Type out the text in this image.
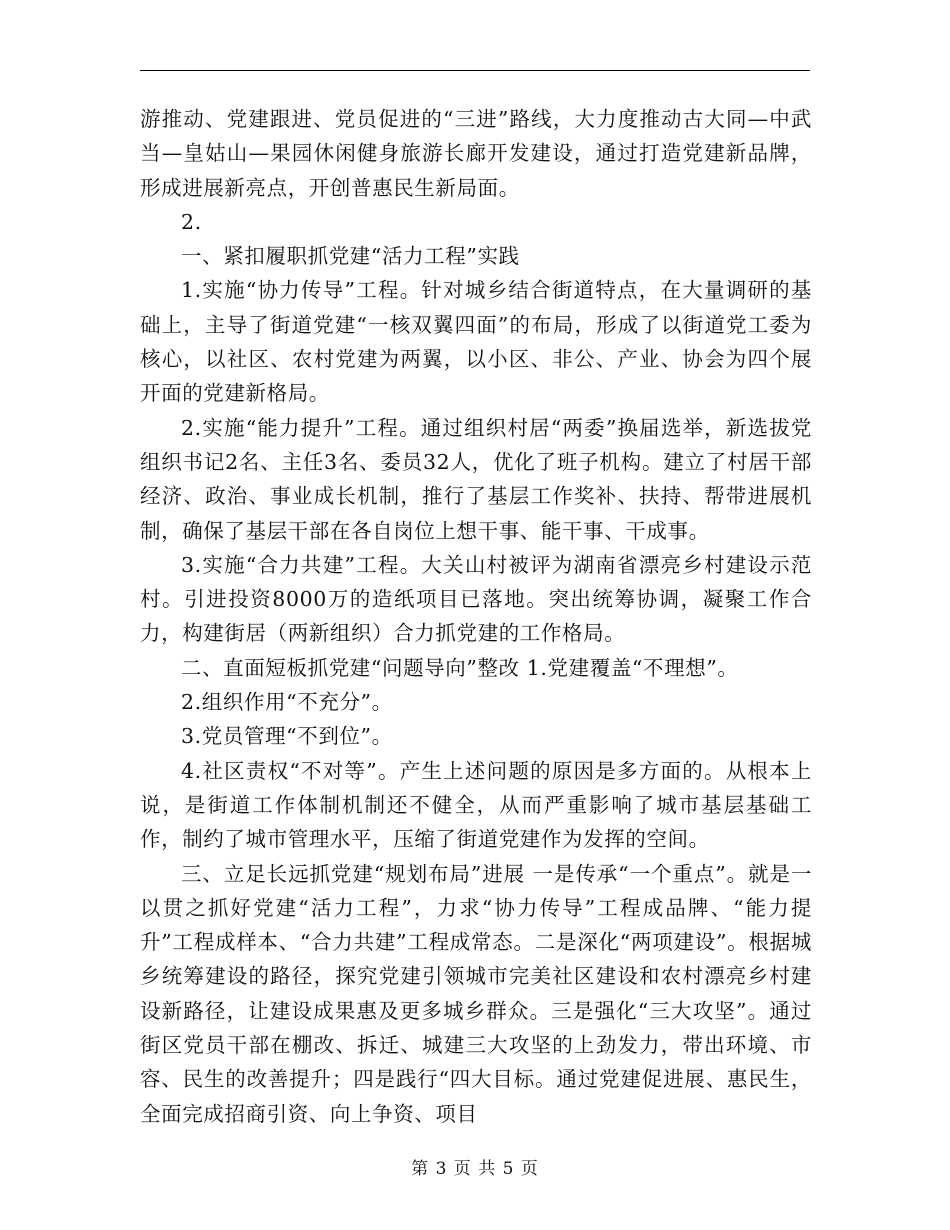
游推动、党建跟进、党员促进的“三进”路线，大力度推动古大同—中武当—皇姑山—果园休闲健身旅游长廊开发建设，通过打造党建新品牌，形成进展新亮点，开创普惠民生新局面。

2.

一、紧扣履职抓党建“活力工程”实践

1.实施“协力传导”工程。针对城乡结合街道特点，在大量调研的基础上，主导了街道党建“一核双翼四面”的布局，形成了以街道党工委为核心，以社区、农村党建为两翼，以小区、非公、产业、协会为四个展开面的党建新格局。

2.实施“能力提升”工程。通过组织村居“两委”换届选举，新选拔党组织书记2名、主任3名、委员32人，优化了班子机构。建立了村居干部经济、政治、事业成长机制，推行了基层工作奖补、扶持、帮带进展机制，确保了基层干部在各自岗位上想干事、能干事、干成事。

3.实施“合力共建”工程。大关山村被评为湖南省漂亮乡村建设示范村。引进投资8000万的造纸项目已落地。突出统筹协调，凝聚工作合力，构建街居（两新组织）合力抓党建的工作格局。

二、直面短板抓党建“问题导向”整改 1.党建覆盖“不理想”。

2.组织作用“不充分”。

3.党员管理“不到位”。

4.社区责权“不对等”。产生上述问题的原因是多方面的。从根本上说，是街道工作体制机制还不健全，从而严重影响了城市基层基础工作，制约了城市管理水平，压缩了街道党建作为发挥的空间。

三、立足长远抓党建“规划布局”进展 一是传承“一个重点”。就是一以贯之抓好党建“活力工程”，力求“协力传导”工程成品牌、“能力提升”工程成样本、“合力共建”工程成常态。二是深化“两项建设”。根据城乡统筹建设的路径，探究党建引领城市完美社区建设和农村漂亮乡村建设新路径，让建设成果惠及更多城乡群众。三是强化“三大攻坚”。通过街区党员干部在棚改、拆迁、城建三大攻坚的上劲发力，带出环境、市容、民生的改善提升；四是践行“四大目标。通过党建促进展、惠民生，全面完成招商引资、向上争资、项目

第 3 页 共 5 页
